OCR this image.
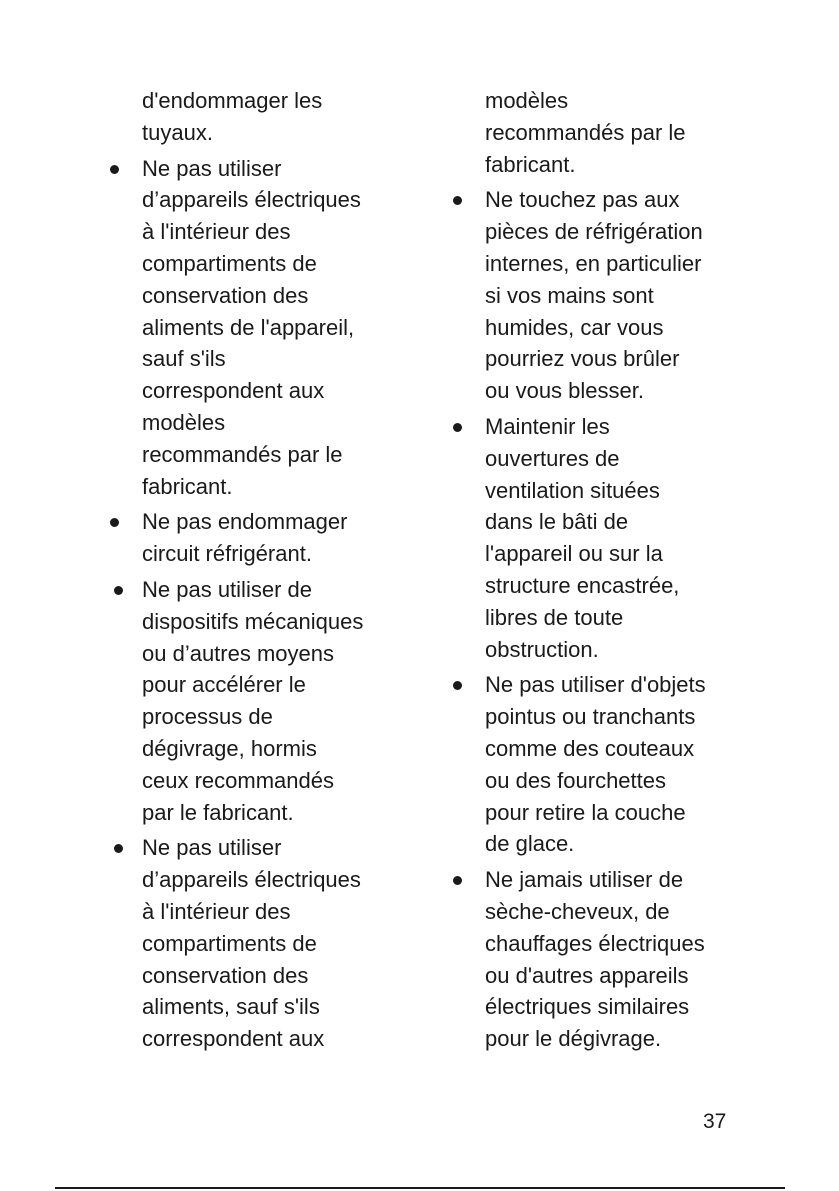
d'endommager les
tuyaux.

Ne pas utiliser
d’appareils électriques
à l'intérieur des
compartiments de
conservation des
aliments de l'appareil,
sauf s'ils
correspondent aux
modèles
recommandés par le
fabricant.
Ne pas endommager
circuit réfrigérant.
Ne pas utiliser de
dispositifs mécaniques
ou d’autres moyens
pour accélérer le
processus de
dégivrage, hormis
ceux recommandés
par le fabricant.
Ne pas utiliser
d’appareils électriques
à l'intérieur des
compartiments de
conservation des
aliments, sauf s'ils
correspondent aux

modèles
recommandés par le
fabricant.

Ne touchez pas aux
pièces de réfrigération
internes, en particulier
si vos mains sont
humides, car vous
pourriez vous brûler
ou vous blesser.
Maintenir les
ouvertures de
ventilation situées
dans le bâti de
l'appareil ou sur la
structure encastrée,
libres de toute
obstruction.
Ne pas utiliser d'objets
pointus ou tranchants
comme des couteaux
ou des fourchettes
pour retire la couche
de glace.
Ne jamais utiliser de
sèche-cheveux, de
chauffages électriques
ou d'autres appareils
électriques similaires
pour le dégivrage.
37
